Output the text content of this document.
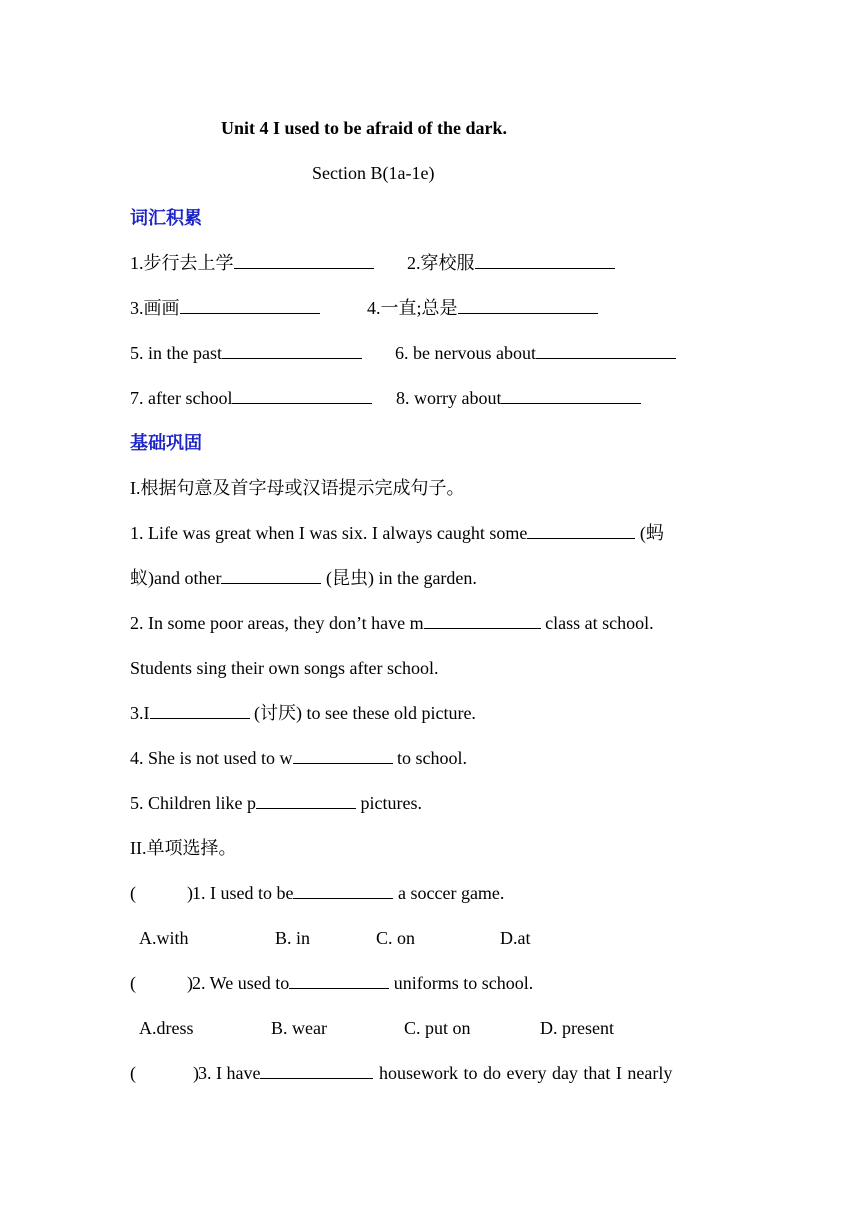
Unit 4 I used to be afraid of the dark.
Section B(1a-1e)
词汇积累
1.步行去上学	2.穿校服
3.画画	4.一直;总是
5. in the past	6. be nervous about
7. after school	8. worry about
基础巩固
I.根据句意及首字母或汉语提示完成句子。
1. Life was great when I was six. I always caught some	(蚂
蚁)and other	(昆虫) in the garden.
2. In some poor areas, they don’t have m	class at school.
Students sing their own songs after school.
3.I	(讨厌) to see these old picture.
4. She is not used to w	to school.
5. Children like p	pictures.
II.单项选择。
(	) 1. I used to be	a soccer game.
A.with	B. in	C. on	D.at
(	) 2. We used to	uniforms to school.
A.dress	B. wear	C. put on	D. present
(	) 3. I have	housework to do every day that I nearly
